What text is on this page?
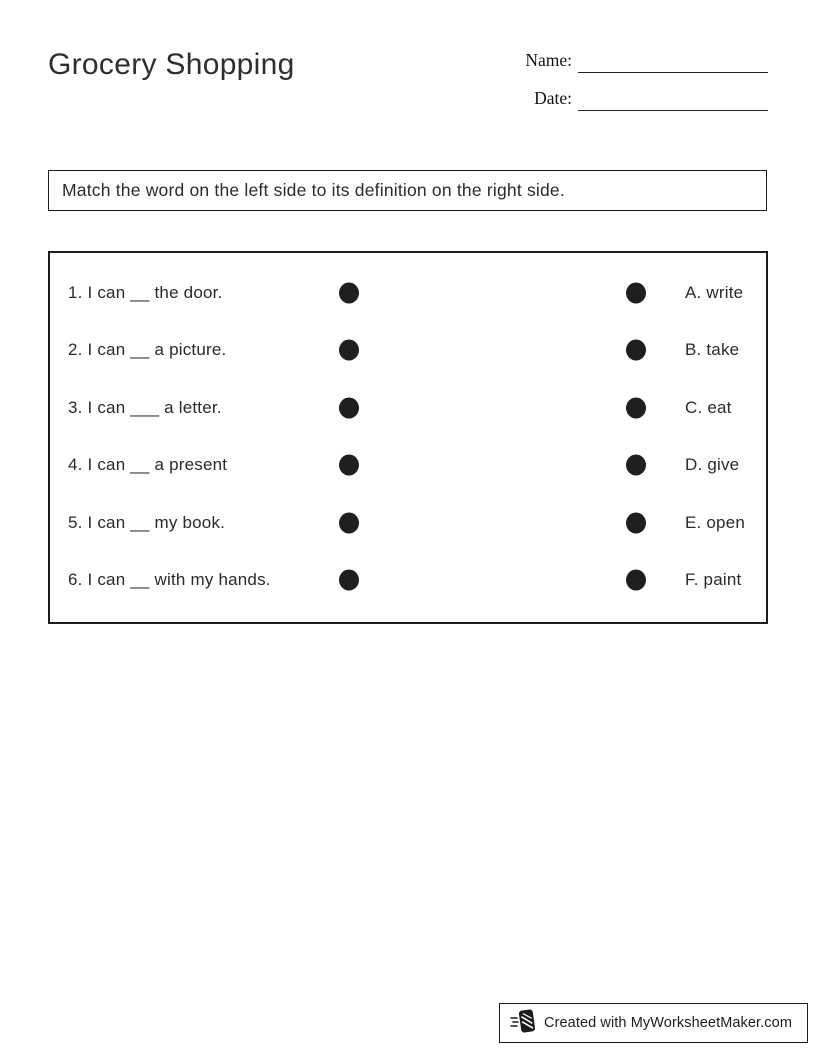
Grocery Shopping	Name:
Date:
Match the word on the left side to its definition on the right side.
1. I can __ the door.	A. write
2. I can __ a picture.	B. take
3. I can ___ a letter.	C. eat
4. I can __ a present	D. give
5. I can __ my book.	E. open
6. I can __ with my hands.	F. paint
Created with MyWorksheetMaker.com
